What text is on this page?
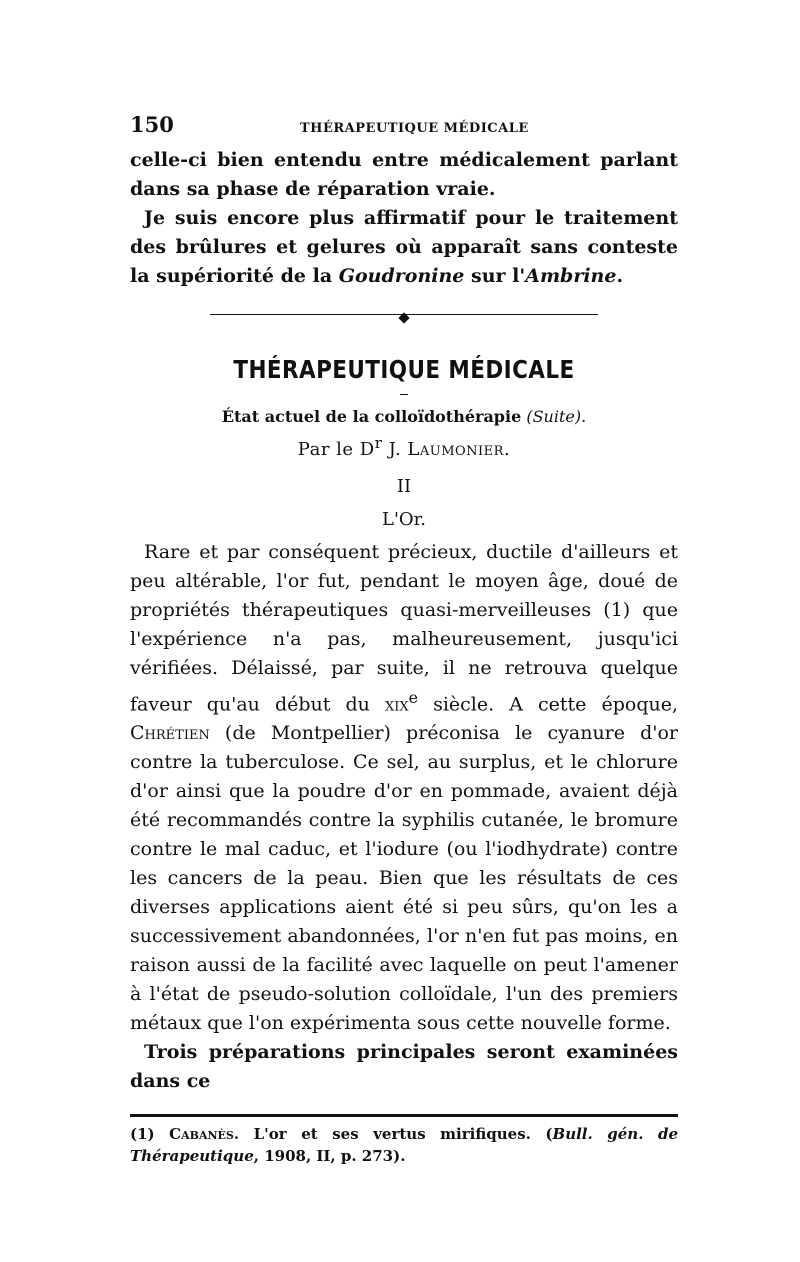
150	THÉRAPEUTIQUE MÉDICALE

celle-ci bien entendu entre médicalement parlant dans sa phase de réparation vraie.

Je suis encore plus affirmatif pour le traitement des brûlures et gelures où apparaît sans conteste la supériorité de la Goudronine sur l'Ambrine.

THÉRAPEUTIQUE MÉDICALE
État actuel de la colloïdothérapie (Suite).
Par le $D^r$ J. Laumonier.
II
L'Or.

Rare et par conséquent précieux, ductile d'ailleurs et peu altérable, l'or fut, pendant le moyen âge, doué de propriétés thérapeutiques quasi-merveilleuses (1) que l'expérience n'a pas, malheureusement, jusqu'ici vérifiées. Délaissé, par suite, il ne retrouva quelque faveur qu'au début du xix$^e$ siècle. A cette époque, Chrétien (de Montpellier) préconisa le cyanure d'or contre la tuberculose. Ce sel, au surplus, et le chlorure d'or ainsi que la poudre d'or en pommade, avaient déjà été recommandés contre la syphilis cutanée, le bromure contre le mal caduc, et l'iodure (ou l'iodhydrate) contre les cancers de la peau. Bien que les résultats de ces diverses applications aient été si peu sûrs, qu'on les a successivement abandonnées, l'or n'en fut pas moins, en raison aussi de la facilité avec laquelle on peut l'amener à l'état de pseudo-solution colloïdale, l'un des premiers métaux que l'on expérimenta sous cette nouvelle forme.

Trois préparations principales seront examinées dans ce

(1) Cabanès. L'or et ses vertus mirifiques. (Bull. gén. de Thérapeutique, 1908, II, p. 273).
